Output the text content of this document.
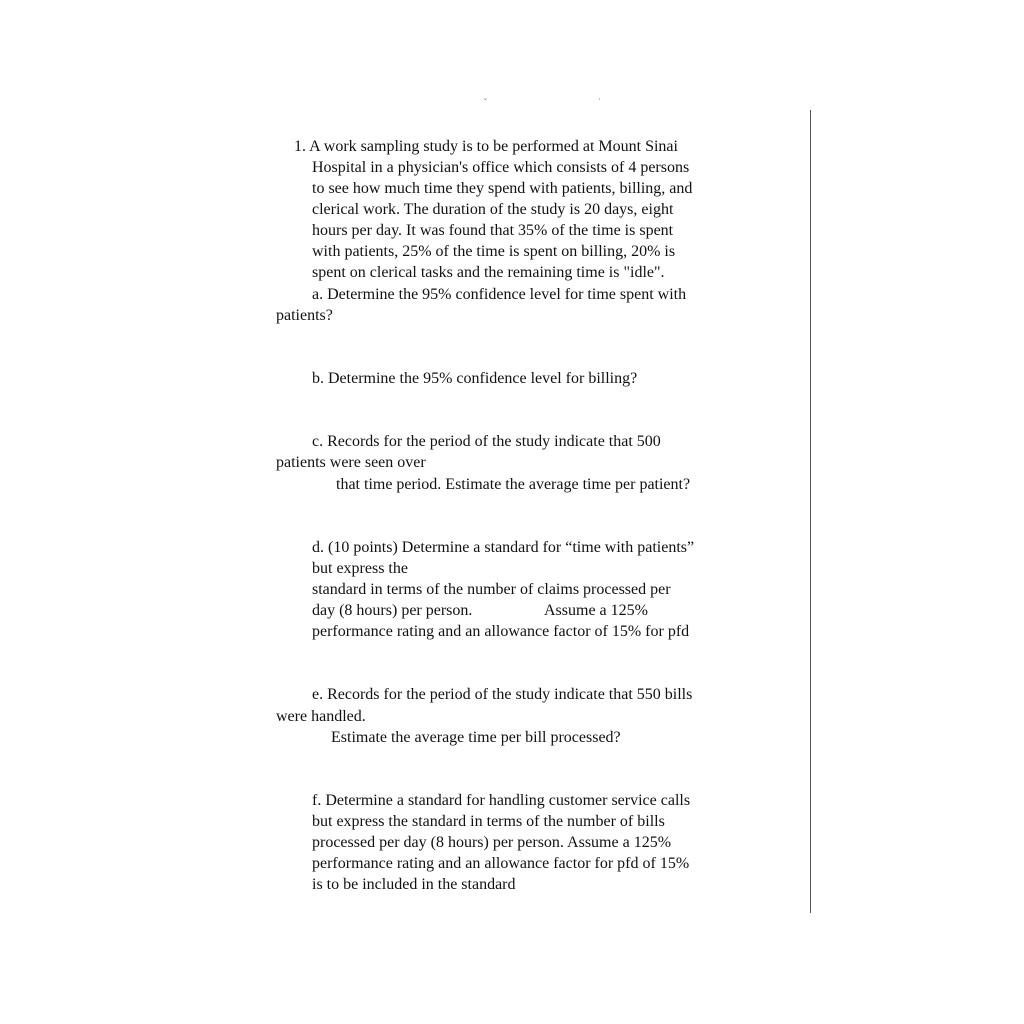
˘	ˈ
1. A work sampling study is to be performed at Mount Sinai
Hospital in a physician's office which consists of 4 persons
to see how much time they spend with patients, billing, and
clerical work. The duration of the study is 20 days, eight
hours per day. It was found that 35% of the time is spent
with patients, 25% of the time is spent on billing, 20% is
spent on clerical tasks and the remaining time is "idle".
a. Determine the 95% confidence level for time spent with
patients?
b. Determine the 95% confidence level for billing?
c. Records for the period of the study indicate that 500
patients were seen over
that time period. Estimate the average time per patient?
d. (10 points) Determine a standard for “time with patients”
but express the
standard in terms of the number of claims processed per
day (8 hours) per person.	Assume a 125%
performance rating and an allowance factor of 15% for pfd
e. Records for the period of the study indicate that 550 bills
were handled.
Estimate the average time per bill processed?
f. Determine a standard for handling customer service calls
but express the standard in terms of the number of bills
processed per day (8 hours) per person. Assume a 125%
performance rating and an allowance factor for pfd of 15%
is to be included in the standard
